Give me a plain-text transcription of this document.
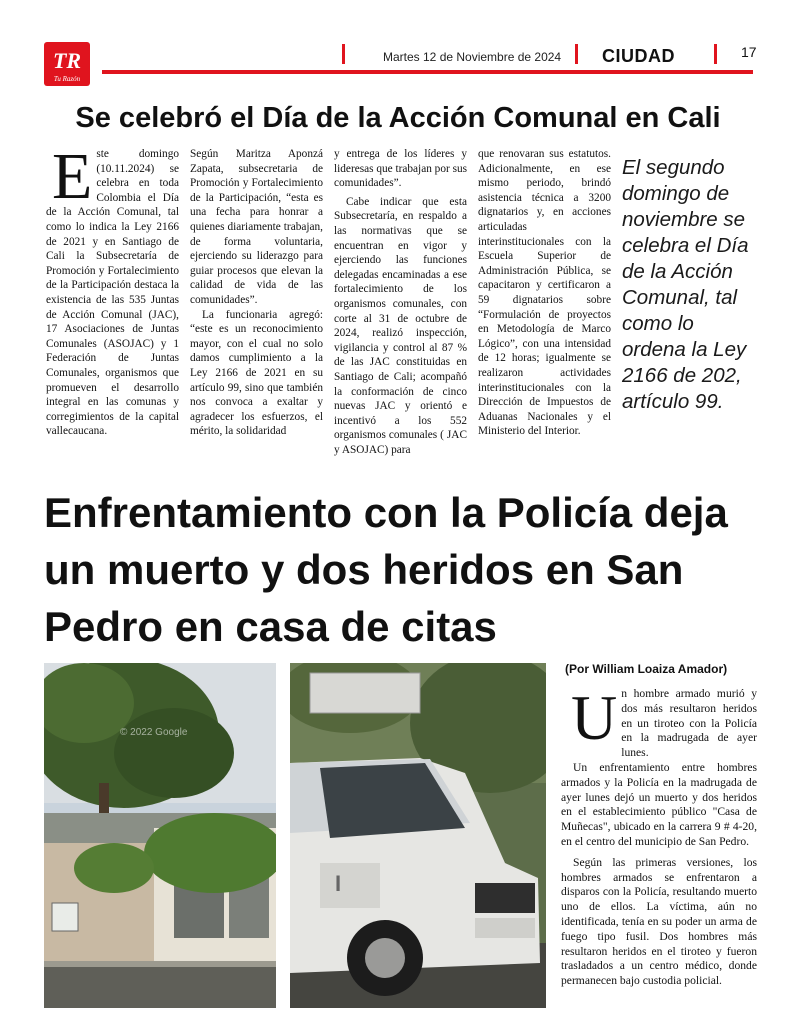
TR
Tu Razón
Martes 12 de Noviembre de 2024 CIUDAD	17
Se celebró el Día de la Acción Comunal en Cali
E ste domingo (10.11.2024) se celebra en toda Colombia el Día de la Acción Comunal, tal como lo indica la Ley 2166 de 2021 y en Santiago de Cali la Subsecretaría de Promoción y Fortalecimiento de la Participación destaca la existencia de las 535 Juntas de Acción Comunal (JAC), 17 Asociaciones de Juntas Comunales (ASOJAC) y 1 Federación de Juntas Comunales, organismos que promueven el desarrollo integral en las comunas y corregimientos de la capital vallecaucana.

Según Maritza Aponzá Zapata, subsecretaria de Promoción y Fortalecimiento de la Participación, “esta es una fecha para honrar a quienes diariamente trabajan, de forma voluntaria, ejerciendo su liderazgo para guiar procesos que elevan la calidad de vida de las comunidades”.

La funcionaria agregó: “este es un reconocimiento mayor, con el cual no solo damos cumplimiento a la Ley 2166 de 2021 en su artículo 99, sino que también nos convoca a exaltar y agradecer los esfuerzos, el mérito, la solidaridad

y entrega de los líderes y lideresas que trabajan por sus comunidades”.

Cabe indicar que esta Subsecretaría, en respaldo a las normativas que se encuentran en vigor y ejerciendo las funciones delegadas encaminadas a ese fortalecimiento de los organismos comunales, con corte al 31 de octubre de 2024, realizó inspección, vigilancia y control al 87 % de las JAC constituidas en Santiago de Cali; acompañó la conformación de cinco nuevas JAC y orientó e incentivó a los 552 organismos comunales ( JAC y ASOJAC) para

que renovaran sus estatutos. Adicionalmente, en ese mismo periodo, brindó asistencia técnica a 3200 dignatarios y, en acciones articuladas interinstitucionales con la Escuela Superior de Administración Pública, se capacitaron y certificaron a 59 dignatarios sobre “Formulación de proyectos en Metodología de Marco Lógico”, con una intensidad de 12 horas; igualmente se realizaron actividades interinstitucionales con la Dirección de Impuestos de Aduanas Nacionales y el Ministerio del Interior.

El segundo domingo de noviembre se celebra el Día de la Acción Comunal, tal como lo ordena la Ley 2166 de 202, artículo 99.
Enfrentamiento con la Policía deja un muerto y dos heridos en San Pedro en casa de citas
© 2022 Google
I
(Por William Loaiza Amador)
U n hombre armado murió y dos más resultaron heridos en un tiroteo con la Policía en la madrugada de ayer lunes.

Un enfrentamiento entre hombres armados y la Policía en la madrugada de ayer lunes dejó un muerto y dos heridos en el establecimiento público "Casa de Muñecas", ubicado en la carrera 9 # 4-20, en el centro del municipio de San Pedro.

Según las primeras versiones, los hombres armados se enfrentaron a disparos con la Policía, resultando muerto uno de ellos. La víctima, aún no identificada, tenía en su poder un arma de fuego tipo fusil. Dos hombres más resultaron heridos en el tiroteo y fueron trasladados a un centro médico, donde permanecen bajo custodia policial.
